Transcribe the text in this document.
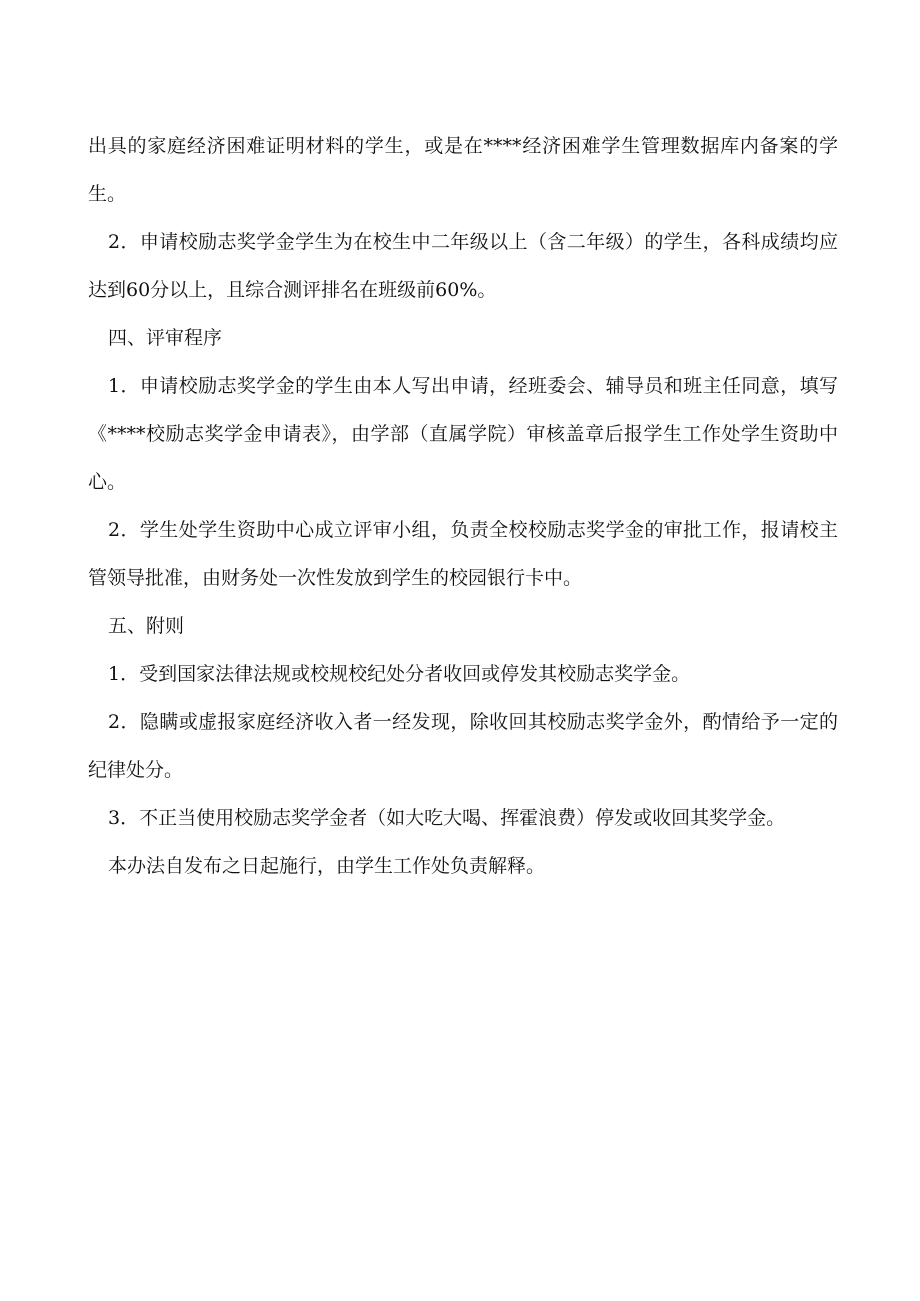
出具的家庭经济困难证明材料的学生，或是在****经济困难学生管理数据库内备案的学生。

2．申请校励志奖学金学生为在校生中二年级以上（含二年级）的学生，各科成绩均应达到60分以上，且综合测评排名在班级前60%。

四、评审程序

1．申请校励志奖学金的学生由本人写出申请，经班委会、辅导员和班主任同意，填写《****校励志奖学金申请表》，由学部（直属学院）审核盖章后报学生工作处学生资助中心。

2．学生处学生资助中心成立评审小组，负责全校校励志奖学金的审批工作，报请校主管领导批准，由财务处一次性发放到学生的校园银行卡中。

五、附则

1．受到国家法律法规或校规校纪处分者收回或停发其校励志奖学金。

2．隐瞒或虚报家庭经济收入者一经发现，除收回其校励志奖学金外，酌情给予一定的纪律处分。

3．不正当使用校励志奖学金者（如大吃大喝、挥霍浪费）停发或收回其奖学金。

本办法自发布之日起施行，由学生工作处负责解释。
